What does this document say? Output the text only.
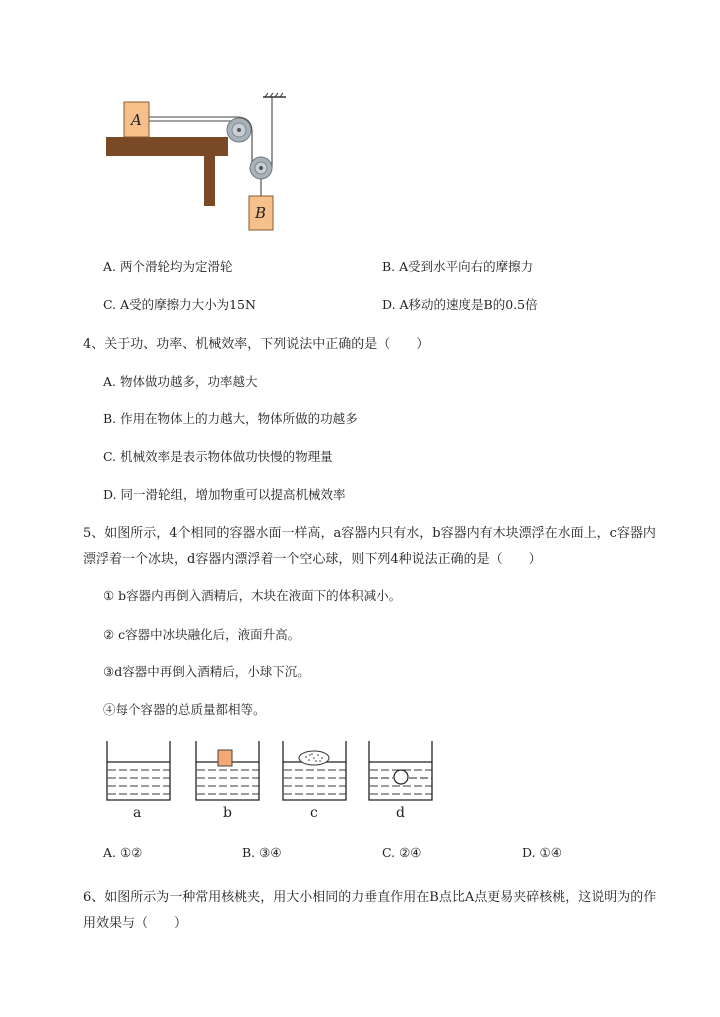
A
B
A. 两个滑轮均为定滑轮	B. A受到水平向右的摩擦力
C. A受的摩擦力大小为15N	D. A移动的速度是B的0.5倍
4、关于功、功率、机械效率，下列说法中正确的是（　　）
A. 物体做功越多，功率越大
B. 作用在物体上的力越大，物体所做的功越多
C. 机械效率是表示物体做功快慢的物理量
D. 同一滑轮组，增加物重可以提高机械效率
5、如图所示，4个相同的容器水面一样高，a容器内只有水，b容器内有木块漂浮在水面上，c容器内
漂浮着一个冰块，d容器内漂浮着一个空心球，则下列4种说法正确的是（　　）
① b容器内再倒入酒精后，木块在液面下的体积减小。
② c容器中冰块融化后，液面升高。
③d容器中再倒入酒精后，小球下沉。
④每个容器的总质量都相等。
a	b	c	d
A. ①②	B. ③④	C. ②④	D. ①④
6、如图所示为一种常用核桃夹，用大小相同的力垂直作用在B点比A点更易夹碎核桃，这说明为的作
用效果与（　　）
